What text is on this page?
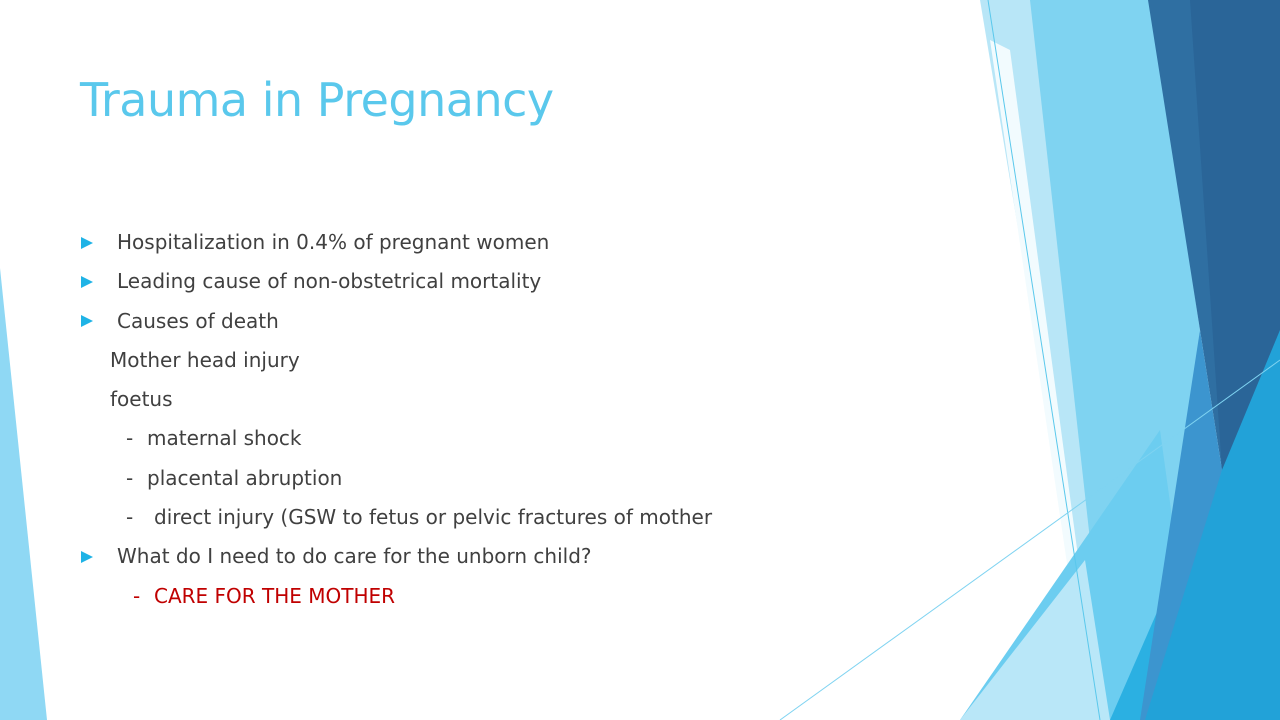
Trauma in Pregnancy
Hospitalization in 0.4% of pregnant women
Leading cause of non-obstetrical mortality
Causes of death
Mother head injury
foetus
- maternal shock
- placental abruption
- direct injury (GSW to fetus or pelvic fractures of mother
What do I need to do care for the unborn child?
- CARE FOR THE MOTHER
